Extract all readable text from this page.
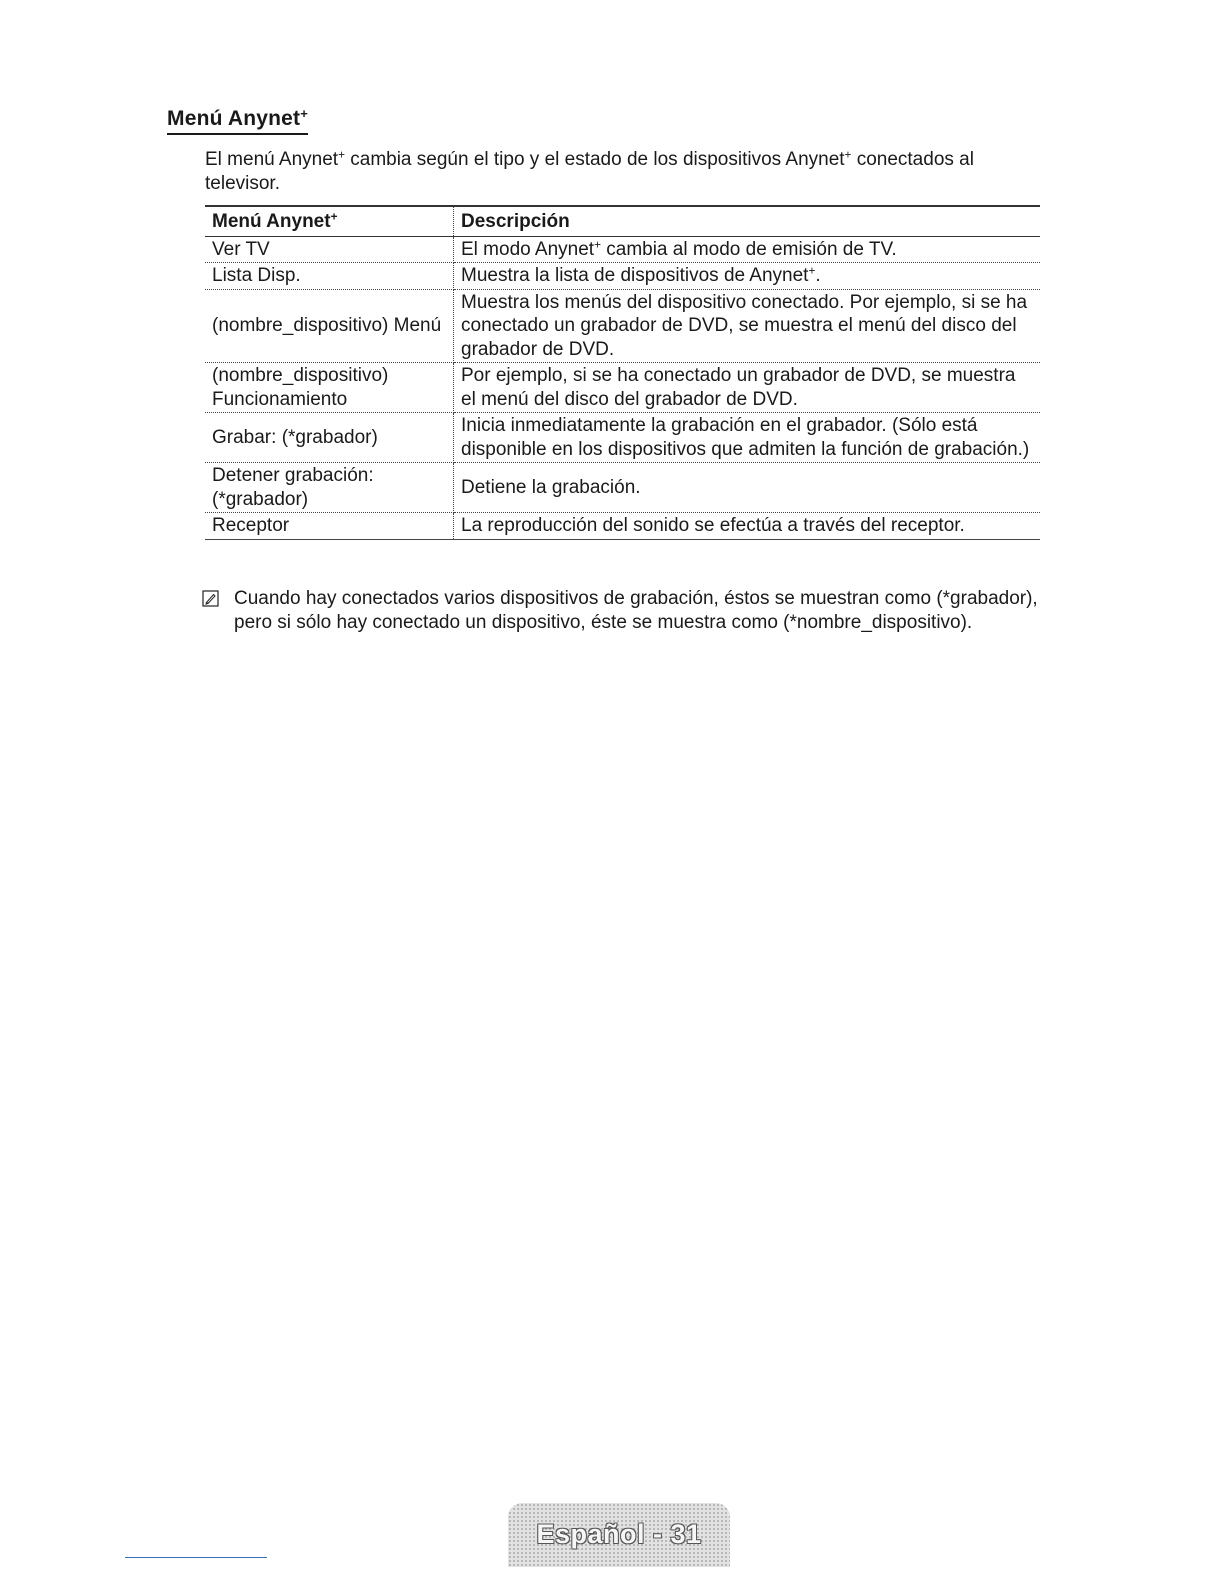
Menú Anynet+

El menú Anynet+ cambia según el tipo y el estado de los dispositivos Anynet+ conectados al televisor.

Menú Anynet+	Descripción
Ver TV	El modo Anynet+ cambia al modo de emisión de TV.
Lista Disp.	Muestra la lista de dispositivos de Anynet+.
(nombre_dispositivo) Menú	Muestra los menús del dispositivo conectado. Por ejemplo, si se ha conectado un grabador de DVD, se muestra el menú del disco del grabador de DVD.
(nombre_dispositivo) Funcionamiento	Por ejemplo, si se ha conectado un grabador de DVD, se muestra el menú del disco del grabador de DVD.
Grabar: (*grabador)	Inicia inmediatamente la grabación en el grabador. (Sólo está disponible en los dispositivos que admiten la función de grabación.)
Detener grabación: (*grabador)	Detiene la grabación.
Receptor	La reproducción del sonido se efectúa a través del receptor.
Cuando hay conectados varios dispositivos de grabación, éstos se muestran como (*grabador), pero si sólo hay conectado un dispositivo, éste se muestra como (*nombre_dispositivo).
Español - 31
